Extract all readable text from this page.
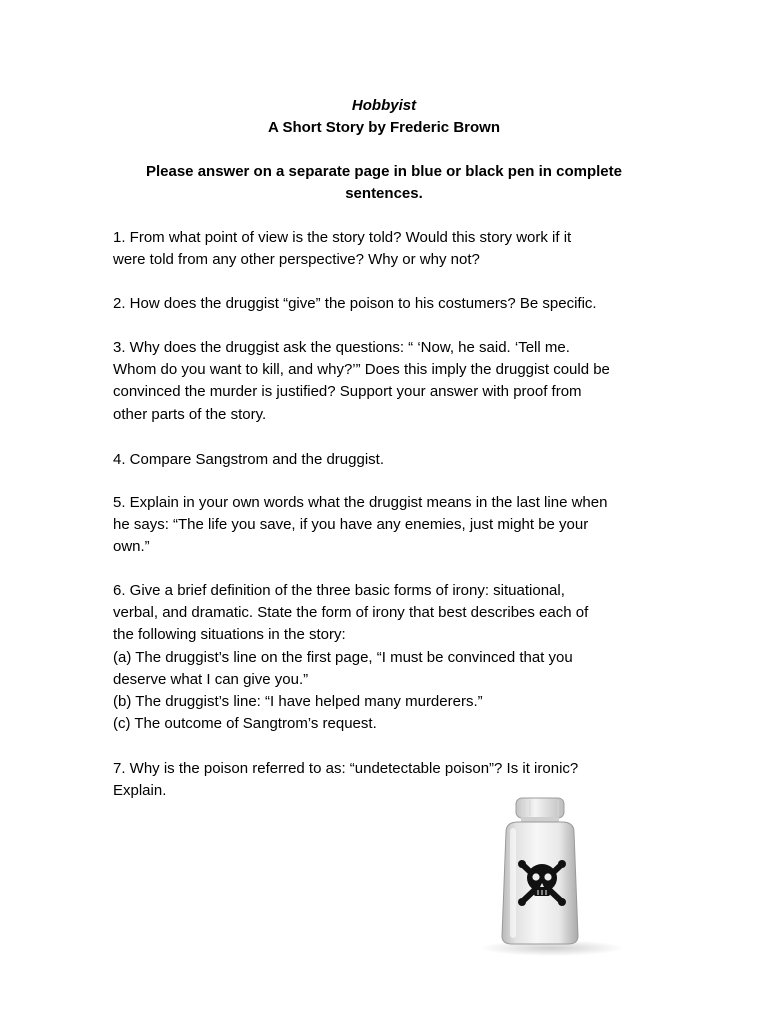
Hobbyist
A Short Story by Frederic Brown
Please answer on a separate page in blue or black pen in complete
sentences.
1. From what point of view is the story told? Would this story work if it
were told from any other perspective? Why or why not?
2. How does the druggist “give” the poison to his costumers? Be specific.
3. Why does the druggist ask the questions: “ ‘Now, he said. ‘Tell me.
Whom do you want to kill, and why?’” Does this imply the druggist could be
convinced the murder is justified? Support your answer with proof from
other parts of the story.
4. Compare Sangstrom and the druggist.
5. Explain in your own words what the druggist means in the last line when
he says: “The life you save, if you have any enemies, just might be your
own.”
6. Give a brief definition of the three basic forms of irony: situational,
verbal, and dramatic. State the form of irony that best describes each of
the following situations in the story:
(a) The druggist’s line on the first page, “I must be convinced that you
deserve what I can give you.”
(b) The druggist’s line: “I have helped many murderers.”
(c) The outcome of Sangtrom’s request.
7. Why is the poison referred to as: “undetectable poison”? Is it ironic?
Explain.
